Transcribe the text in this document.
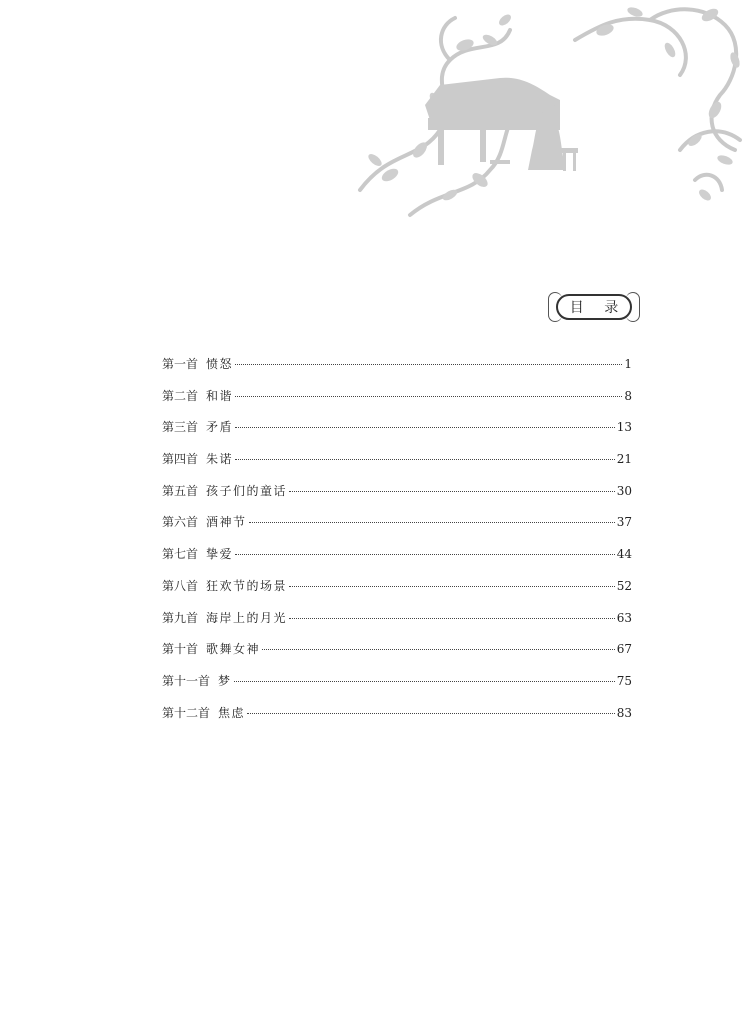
目 录
第一首 愤怒	1
第二首 和谐	8
第三首 矛盾	13
第四首 朱诺	21
第五首 孩子们的童话	30
第六首 酒神节	37
第七首 挚爱	44
第八首 狂欢节的场景	52
第九首 海岸上的月光	63
第十首 歌舞女神	67
第十一首 梦	75
第十二首 焦虑	83
